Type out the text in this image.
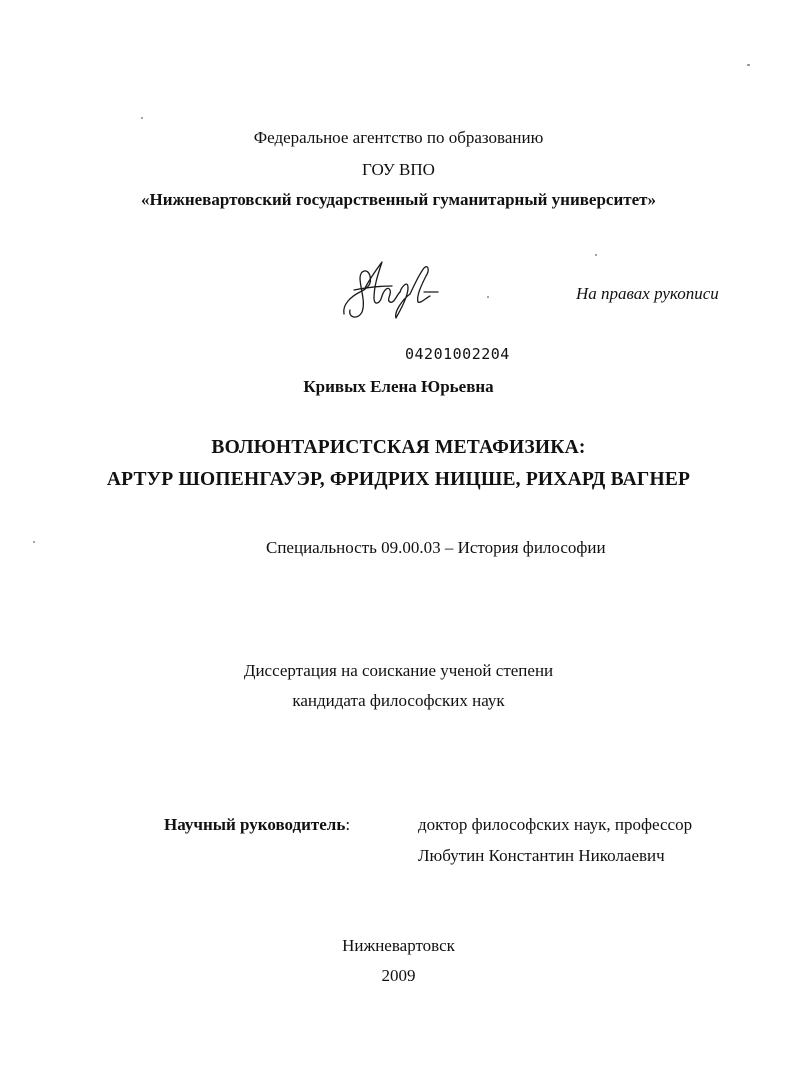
Федеральное агентство по образованию
ГОУ ВПО
«Нижневартовский государственный гуманитарный университет»
На правах рукописи
04201002204
Кривых Елена Юрьевна
ВОЛЮНТАРИСТСКАЯ МЕТАФИЗИКА:
АРТУР ШОПЕНГАУЭР, ФРИДРИХ НИЦШЕ, РИХАРД ВАГНЕР
Специальность 09.00.03 – История философии
Диссертация на соискание ученой степени
кандидата философских наук
Научный руководитель:	доктор философских наук, профессор
Любутин Константин Николаевич
Нижневартовск
2009
